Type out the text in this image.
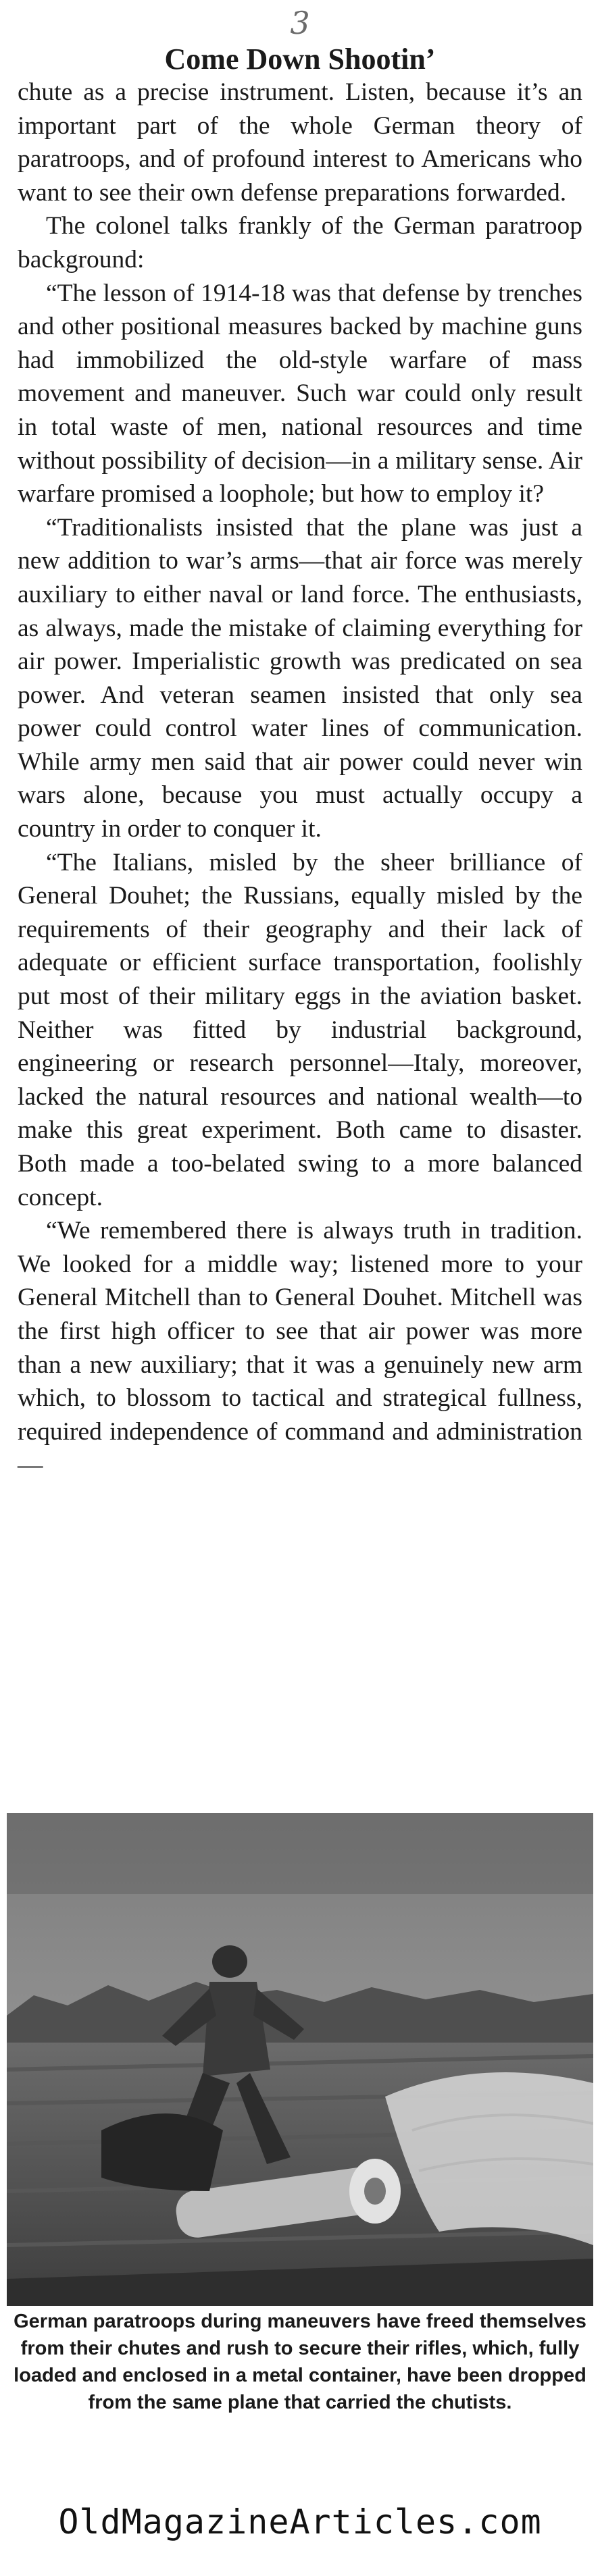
3
Come Down Shootin’

chute as a precise instrument. Listen, because it’s an important part of the whole German theory of paratroops, and of profound interest to Americans who want to see their own defense preparations forwarded.

The colonel talks frankly of the German paratroop background:

“The lesson of 1914-18 was that defense by trenches and other positional measures backed by machine guns had immobilized the old-style warfare of mass movement and maneuver. Such war could only result in total waste of men, national resources and time without possibility of decision—in a military sense. Air warfare promised a loophole; but how to employ it?

“Traditionalists insisted that the plane was just a new addition to war’s arms—that air force was merely auxiliary to either naval or land force. The enthusiasts, as always, made the mistake of claiming everything for air power. Imperialistic growth was predicated on sea power. And veteran seamen insisted that only sea power could control water lines of communication. While army men said that air power could never win wars alone, because you must actually occupy a country in order to conquer it.

“The Italians, misled by the sheer brilliance of General Douhet; the Russians, equally misled by the requirements of their geography and their lack of adequate or efficient surface transportation, foolishly put most of their military eggs in the aviation basket. Neither was fitted by industrial background, engineering or research personnel—Italy, moreover, lacked the natural resources and national wealth—to make this great experiment. Both came to disaster. Both made a too-belated swing to a more balanced concept.

“We remembered there is always truth in tradition. We looked for a middle way; listened more to your General Mitchell than to General Douhet. Mitchell was the first high officer to see that air power was more than a new auxiliary; that it was a genuinely new arm which, to blossom to tactical and strategical fullness, required independence of command and administration—

German paratroops during maneuvers have freed themselves from their chutes and rush to secure their rifles, which, fully loaded and enclosed in a metal container, have been dropped from the same plane that carried the chutists.
OldMagazineArticles.com
